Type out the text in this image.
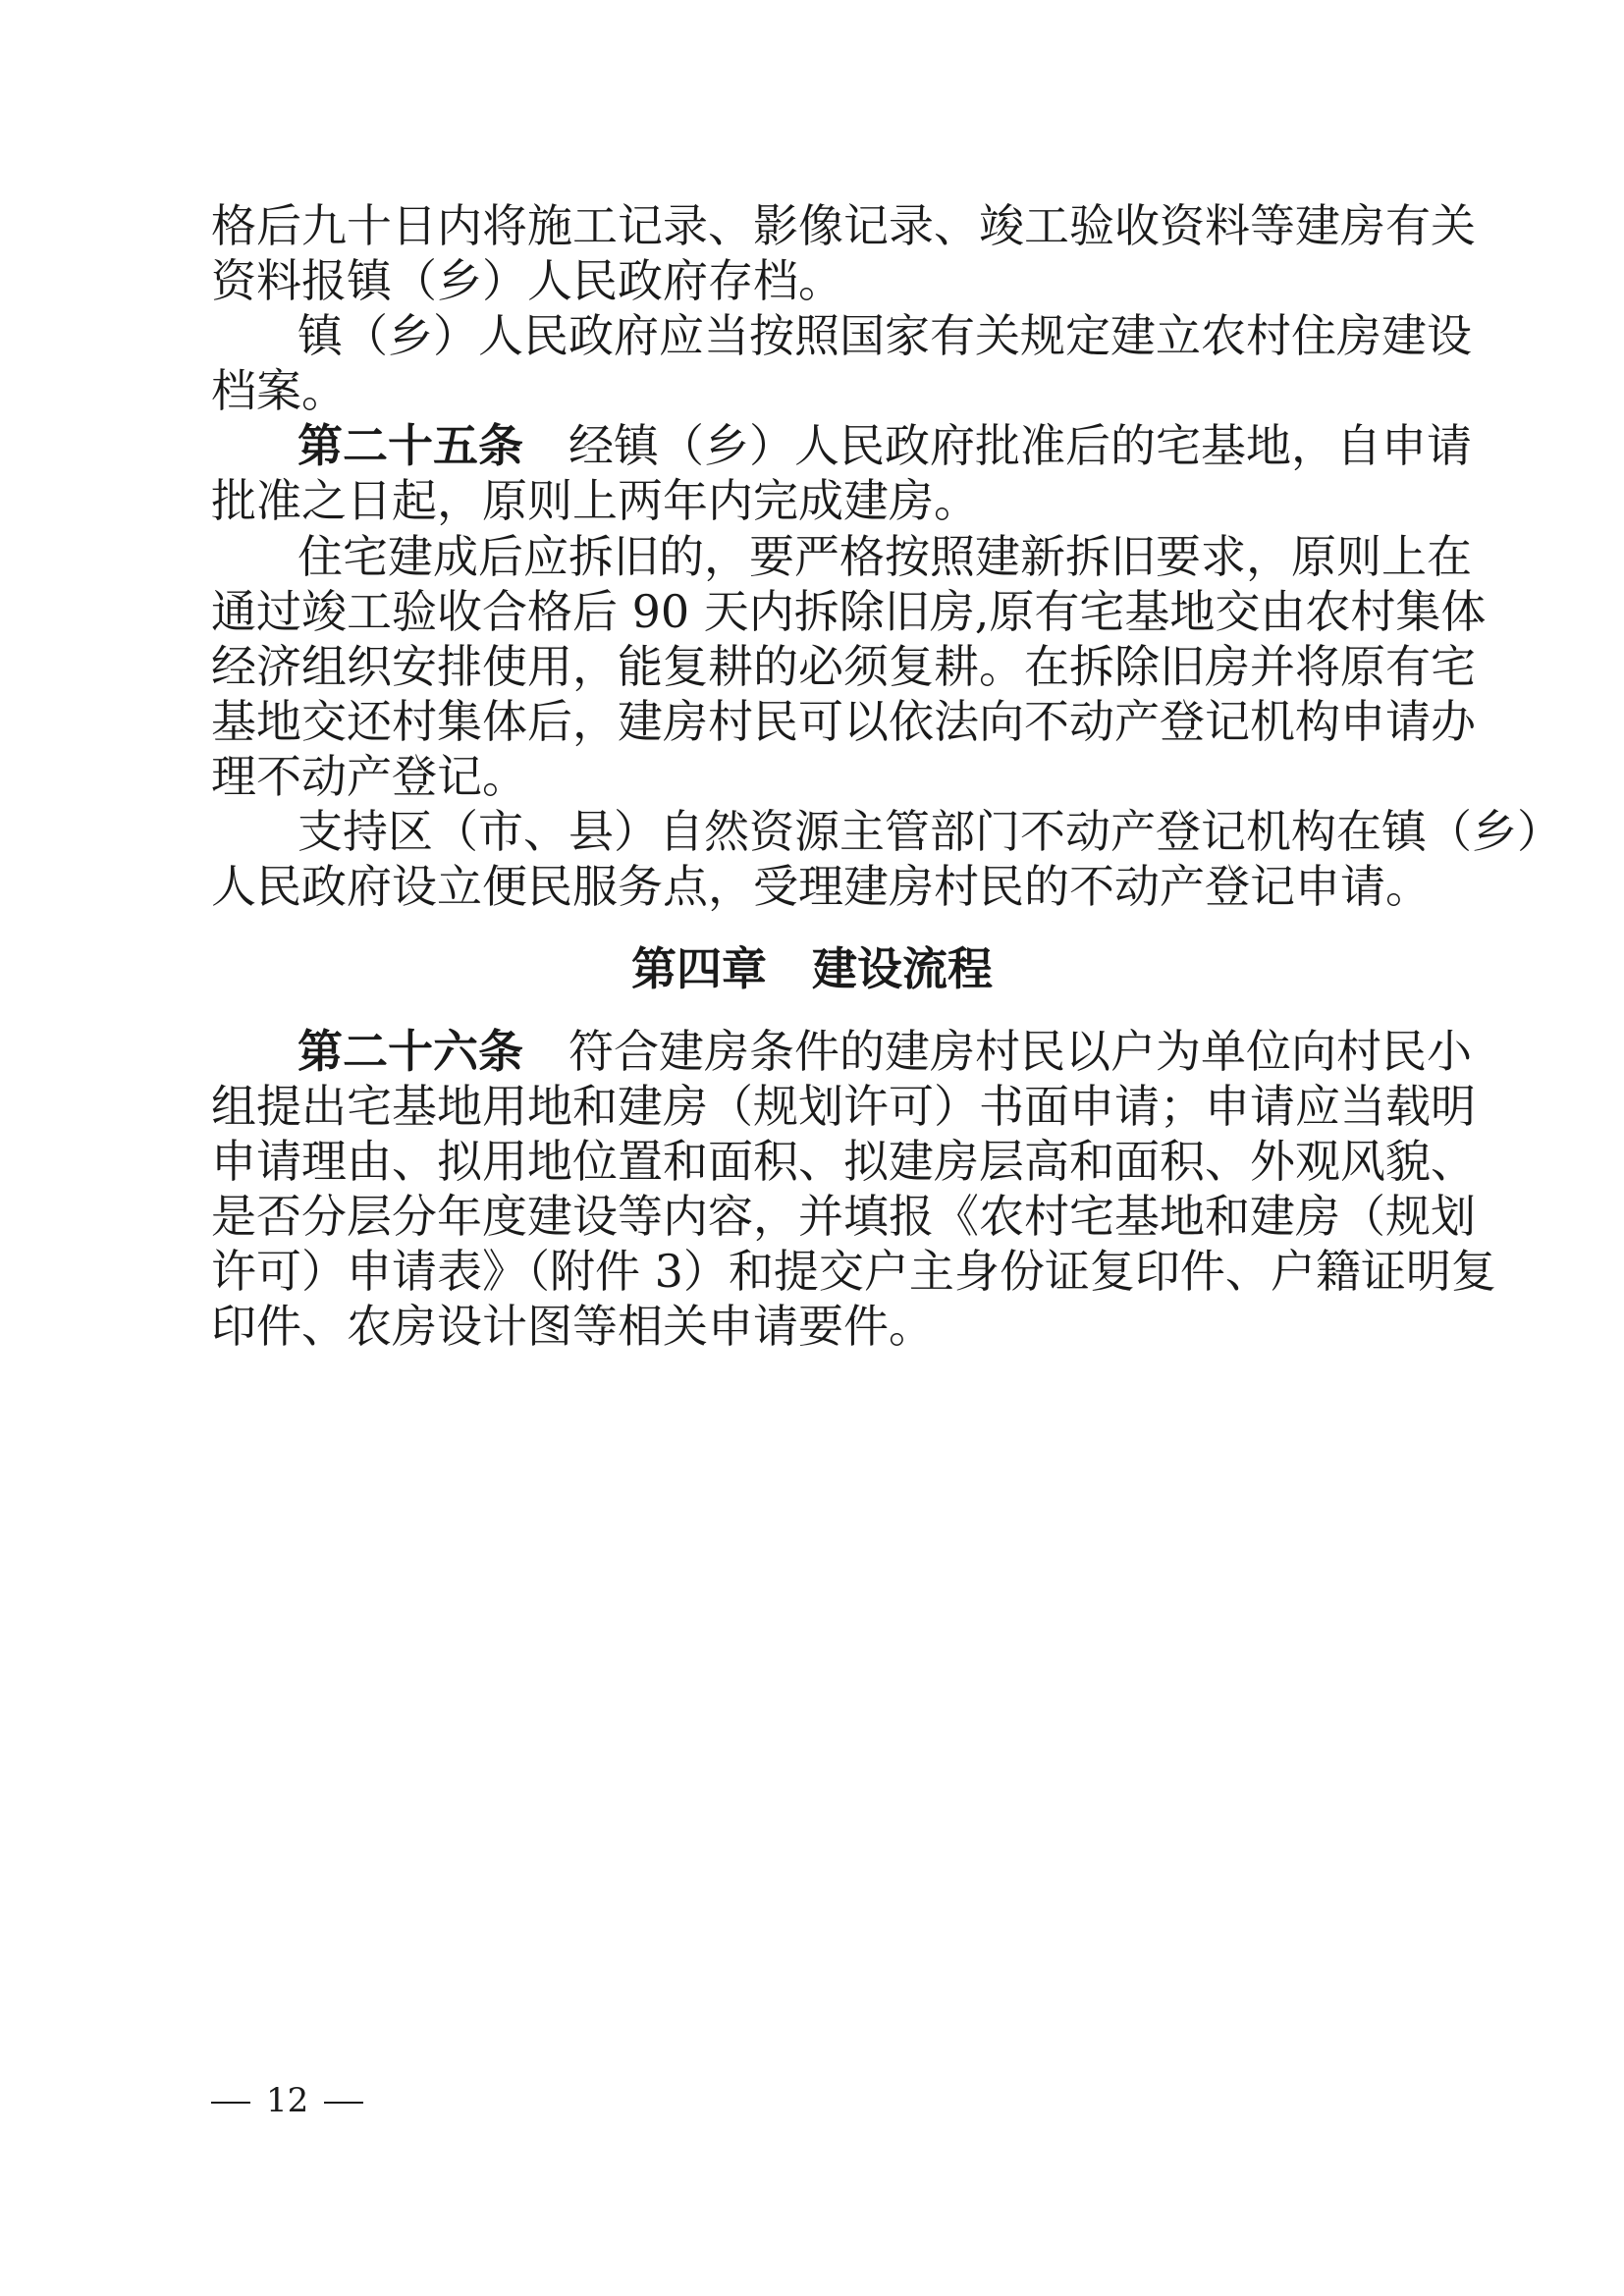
格后九十日内将施工记录、影像记录、竣工验收资料等建房有关
资料报镇（乡）人民政府存档。
镇（乡）人民政府应当按照国家有关规定建立农村住房建设
档案。
第二十五条 经镇（乡）人民政府批准后的宅基地，自申请
批准之日起，原则上两年内完成建房。
住宅建成后应拆旧的，要严格按照建新拆旧要求，原则上在
通过竣工验收合格后 90 天内拆除旧房,原有宅基地交由农村集体
经济组织安排使用，能复耕的必须复耕。在拆除旧房并将原有宅
基地交还村集体后，建房村民可以依法向不动产登记机构申请办
理不动产登记。
支持区（市、县）自然资源主管部门不动产登记机构在镇（乡）
人民政府设立便民服务点，受理建房村民的不动产登记申请。
第四章 建设流程
第二十六条 符合建房条件的建房村民以户为单位向村民小
组提出宅基地用地和建房（规划许可）书面申请；申请应当载明
申请理由、拟用地位置和面积、拟建房层高和面积、外观风貌、
是否分层分年度建设等内容，并填报《农村宅基地和建房（规划
许可）申请表》（附件 3）和提交户主身份证复印件、户籍证明复
印件、农房设计图等相关申请要件。
12
